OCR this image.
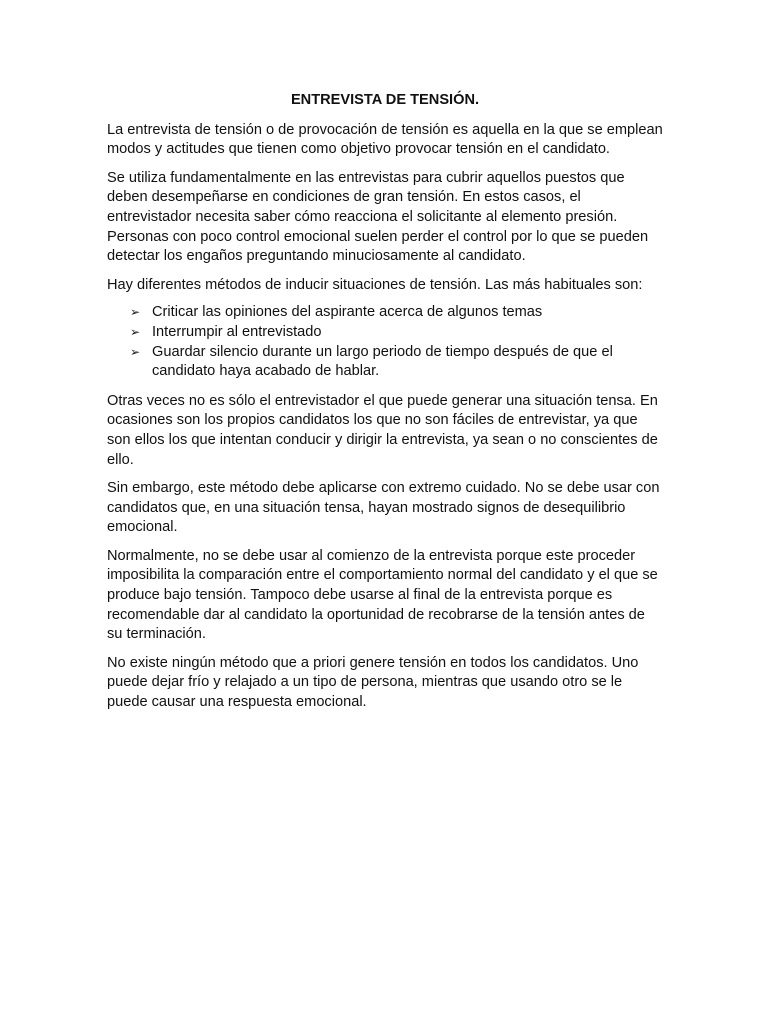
ENTREVISTA DE TENSIÓN.

La entrevista de tensión o de provocación de tensión es aquella en la que se emplean modos y actitudes que tienen como objetivo provocar tensión en el candidato.

Se utiliza fundamentalmente en las entrevistas para cubrir aquellos puestos que deben desempeñarse en condiciones de gran tensión. En estos casos, el entrevistador necesita saber cómo reacciona el solicitante al elemento presión. Personas con poco control emocional suelen perder el control por lo que se pueden detectar los engaños preguntando minuciosamente al candidato.

Hay diferentes métodos de inducir situaciones de tensión. Las más habituales son:

➢ Criticar las opiniones del aspirante acerca de algunos temas
➢ Interrumpir al entrevistado
➢ Guardar silencio durante un largo periodo de tiempo después de que el candidato haya acabado de hablar.

Otras veces no es sólo el entrevistador el que puede generar una situación tensa. En ocasiones son los propios candidatos los que no son fáciles de entrevistar, ya que son ellos los que intentan conducir y dirigir la entrevista, ya sean o no conscientes de ello.

Sin embargo, este método debe aplicarse con extremo cuidado. No se debe usar con candidatos que, en una situación tensa, hayan mostrado signos de desequilibrio emocional.

Normalmente, no se debe usar al comienzo de la entrevista porque este proceder imposibilita la comparación entre el comportamiento normal del candidato y el que se produce bajo tensión. Tampoco debe usarse al final de la entrevista porque es recomendable dar al candidato la oportunidad de recobrarse de la tensión antes de su terminación.

No existe ningún método que a priori genere tensión en todos los candidatos. Uno puede dejar frío y relajado a un tipo de persona, mientras que usando otro se le puede causar una respuesta emocional.
